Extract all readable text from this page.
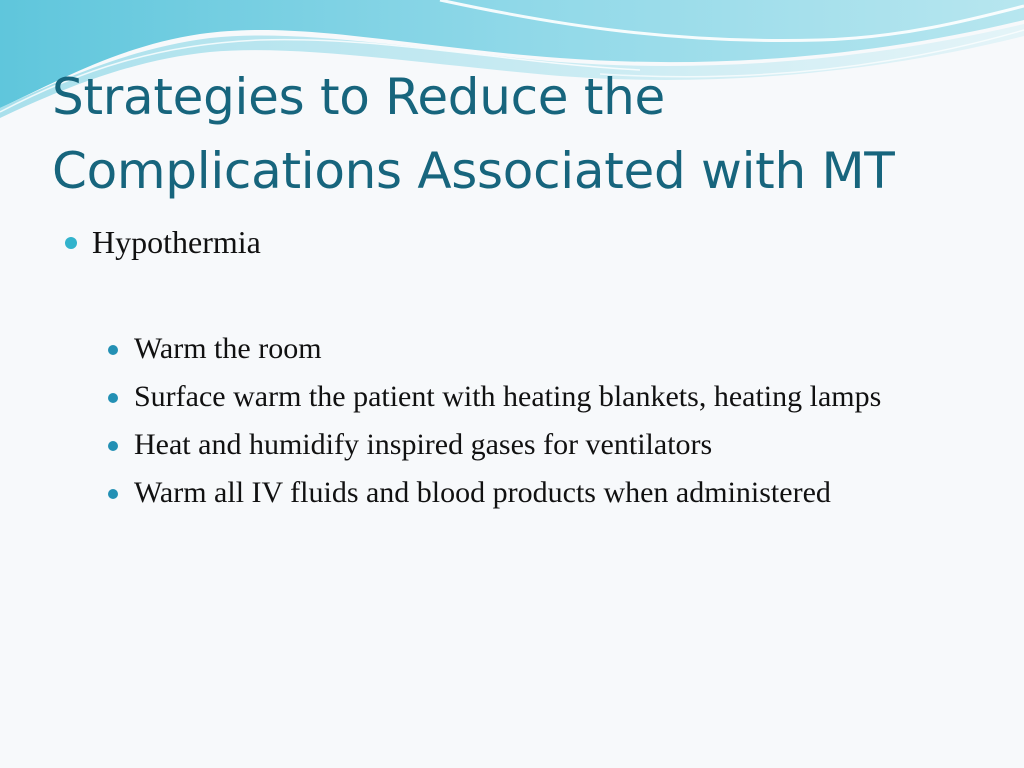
Strategies to Reduce the Complications Associated with MT
Hypothermia
Warm the room
Surface warm the patient with heating blankets, heating lamps
Heat and humidify inspired gases for ventilators
Warm all IV fluids and blood products when administered
